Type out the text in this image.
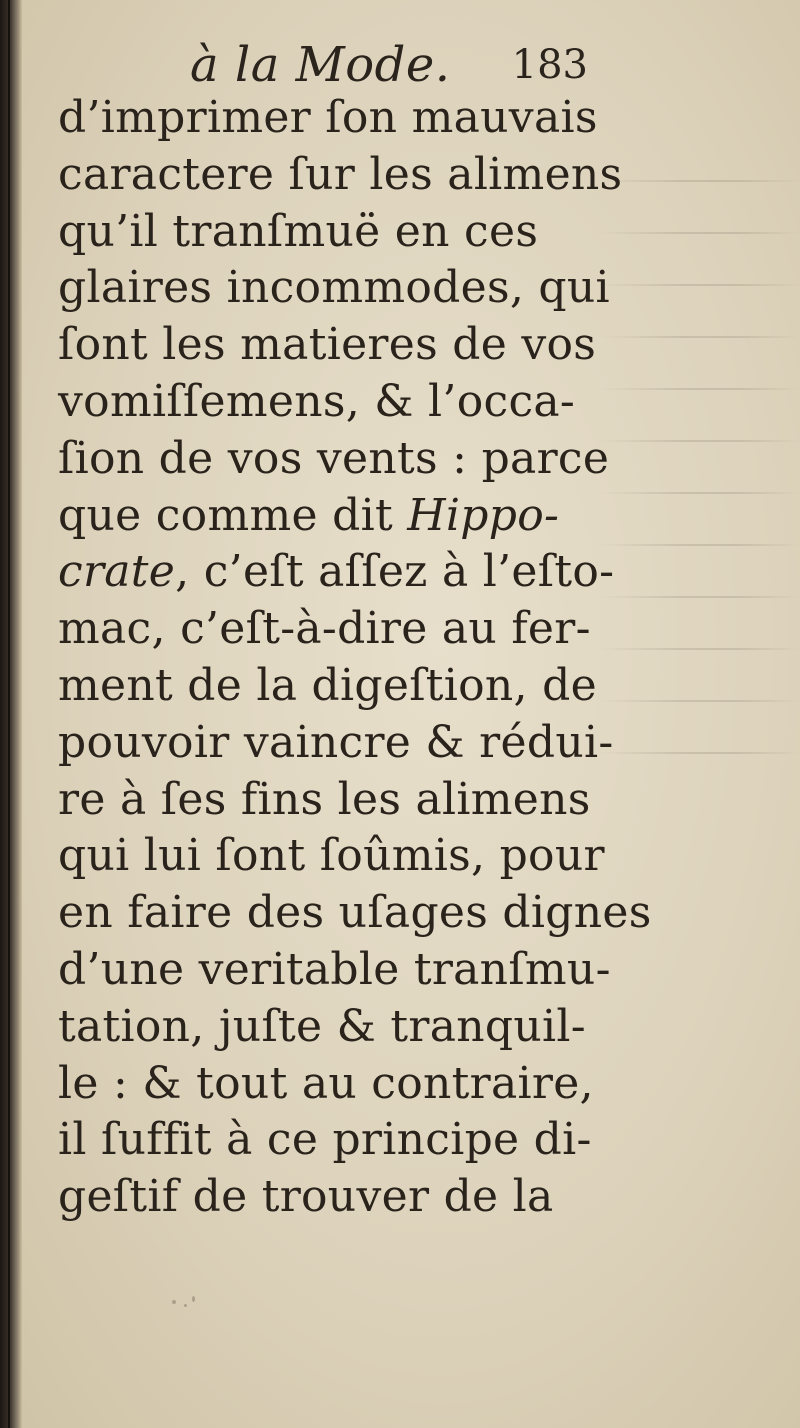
à la Mode. 183
d’imprimer ſon mauvais
caractere ſur les alimens
qu’il tranſmuë en ces
glaires incommodes, qui
ſont les matieres de vos
vomiſſemens, & l’occa-
ſion de vos vents : parce
que comme dit Hippo-
crate, c’eſt aſſez à l’eſto-
mac, c’eſt-à-dire au fer-
ment de la digeſtion, de
pouvoir vaincre & rédui-
re à ſes fins les alimens
qui lui ſont ſoûmis, pour
en faire des uſages dignes
d’une veritable tranſmu-
tation, juſte & tranquil-
le : & tout au contraire,
il ſuffit à ce principe di-
geſtif de trouver de la
